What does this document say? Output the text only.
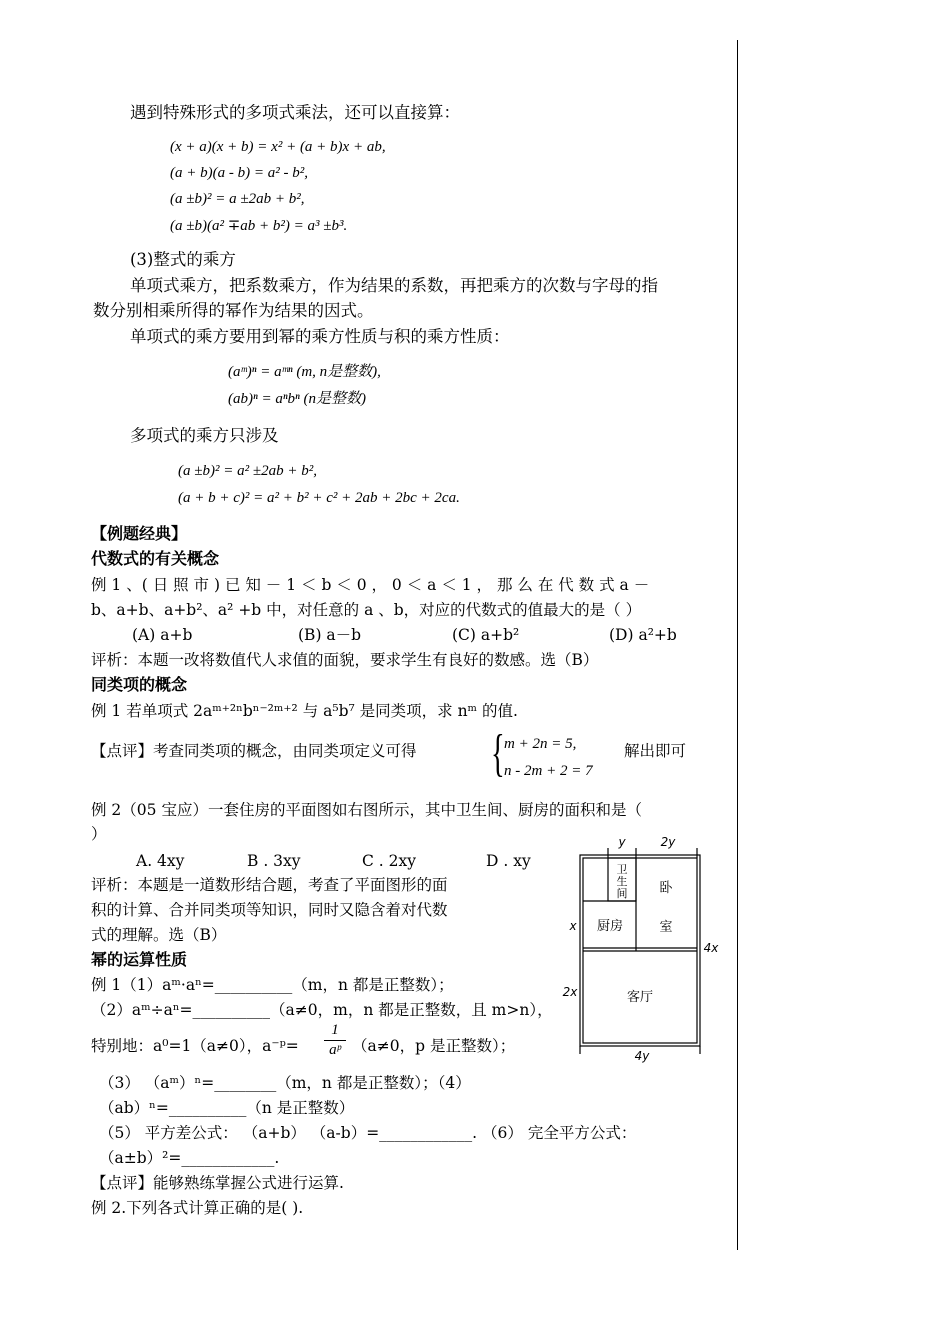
遇到特殊形式的多项式乘法，还可以直接算：
(x + a)(x + b) = x² + (a + b)x + ab,
(a + b)(a - b) = a² - b²,
(a ±b)² = a ±2ab + b²,
(a ±b)(a² ∓ab + b²) = a³ ±b³.
(3)整式的乘方
单项式乘方，把系数乘方，作为结果的系数，再把乘方的次数与字母的指
数分别相乘所得的幂作为结果的因式。
单项式的乘方要用到幂的乘方性质与积的乘方性质：
(aᵐ)ⁿ = aᵐⁿ (m, n是整数),
(ab)ⁿ = aⁿbⁿ (n是整数)
多项式的乘方只涉及
(a ±b)² = a² ±2ab + b²,
(a + b + c)² = a² + b² + c² + 2ab + 2bc + 2ca.
【例题经典】
代数式的有关概念
例 1 、( 日 照 市 ) 已 知 － 1 ＜ b ＜ 0 ， 0 ＜ a ＜ 1 ， 那 么 在 代 数 式 a －
b、a+b、a+b²、a² +b 中，对任意的 a 、b，对应的代数式的值最大的是（ ）
(A) a+b	(B) a－b	(C) a+b²	(D) a²+b
评析：本题一改将数值代人求值的面貌，要求学生有良好的数感。选（B）
同类项的概念
例 1 若单项式 2aᵐ⁺²ⁿbⁿ⁻²ᵐ⁺² 与 a⁵b⁷ 是同类项，求 nᵐ 的值.
【点评】考查同类项的概念，由同类项定义可得 { m + 2n = 5,
n - 2m + 2 = 7
解出即可
例 2（05 宝应）一套住房的平面图如右图所示，其中卫生间、厨房的面积和是（
）
A. 4xy	B . 3xy	C . 2xy	D . xy
评析：本题是一道数形结合题，考查了平面图形的面
积的计算、合并同类项等知识，同时又隐含着对代数
式的理解。选（B）
y	2y
x
2x
4x
4y
卫
生
间 卧
室
厨房
客厅
幂的运算性质
例 1（1）aᵐ·aⁿ=__________（m，n 都是正整数）；
（2）aᵐ÷aⁿ=__________（a≠0，m，n 都是正整数，且 m>n），
特别地：a⁰=1（a≠0），a⁻ᵖ=
1
aᵖ （a≠0，p 是正整数）；
（3） （aᵐ）ⁿ=________（m，n 都是正整数）；（4）
（ab）ⁿ=__________（n 是正整数）
（5） 平方差公式： （a+b） （a-b）=____________. （6） 完全平方公式：
（a±b）²=____________.
【点评】能够熟练掌握公式进行运算.
例 2.下列各式计算正确的是( ).
